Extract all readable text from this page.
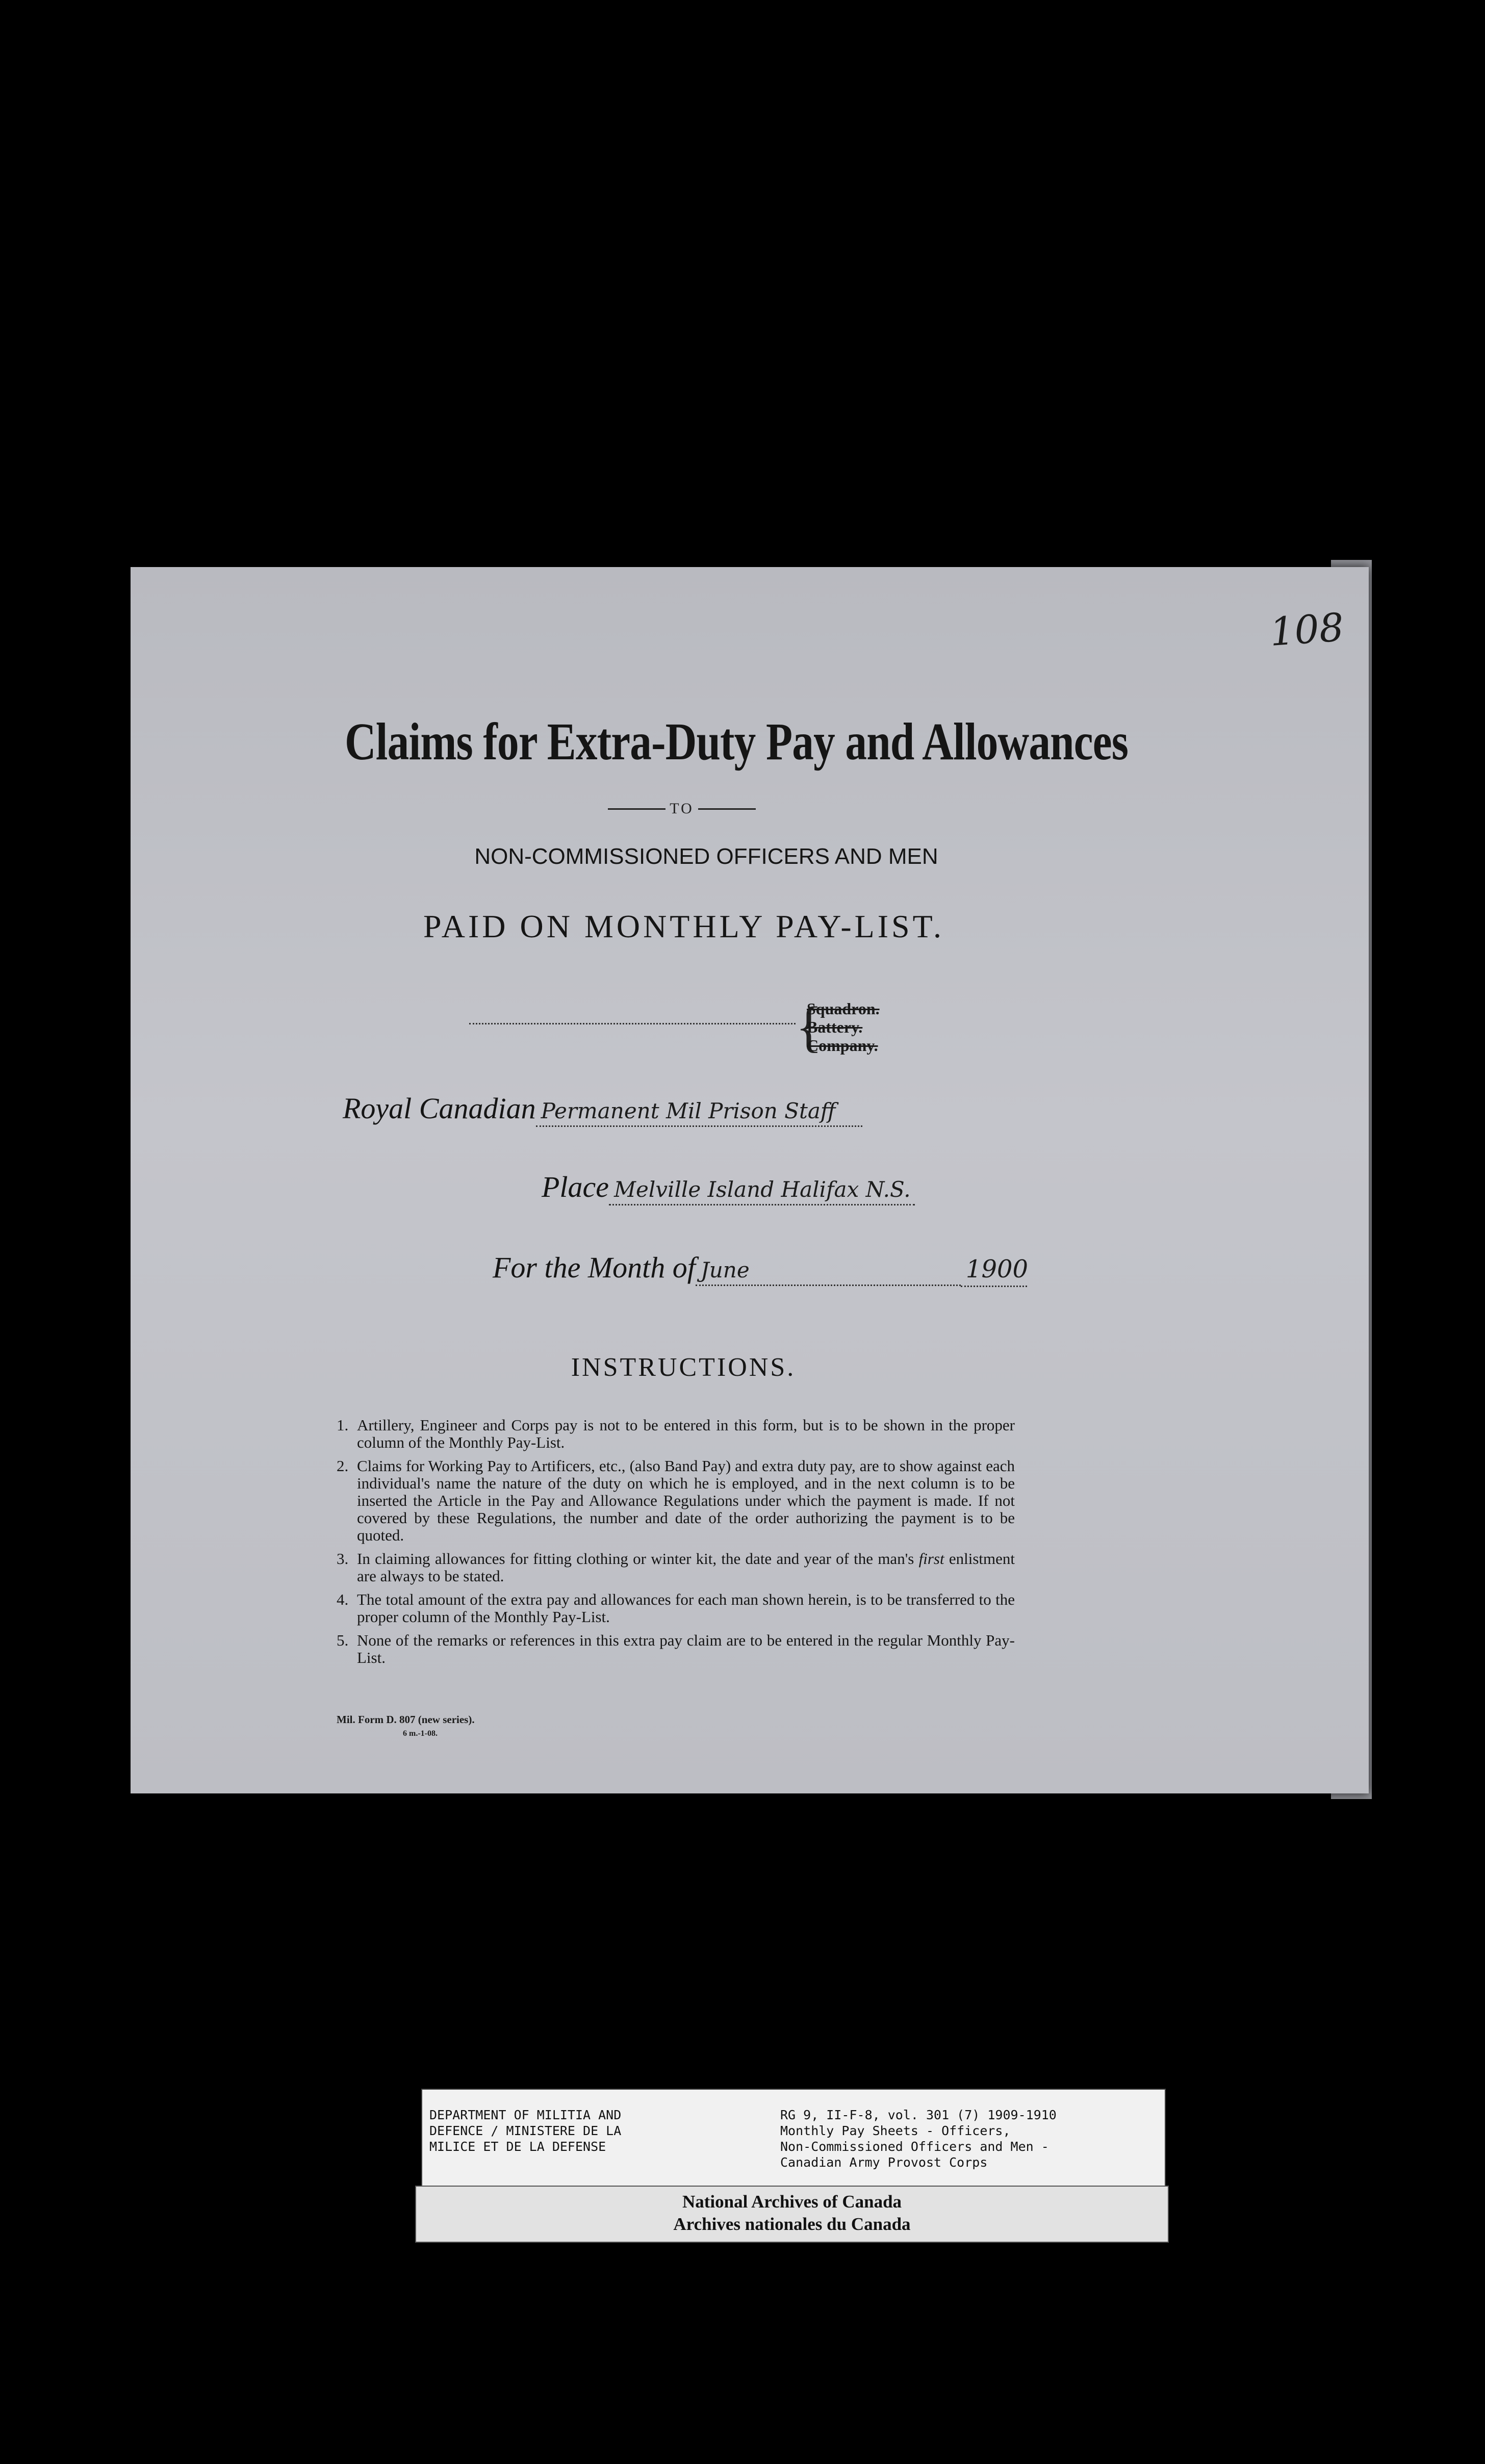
108
Claims for Extra-Duty Pay and Allowances
TO
NON-COMMISSIONED OFFICERS AND MEN
PAID ON MONTHLY PAY-LIST.
{
Squadron.
Battery.
Company.
Royal Canadian Permanent Mil Prison Staff
Place Melville Island Halifax N.S.
For the Month of June	1900
INSTRUCTIONS.
1. Artillery, Engineer and Corps pay is not to be entered in this form, but is to be shown in the proper column of the Monthly Pay-List.
2. Claims for Working Pay to Artificers, etc., (also Band Pay) and extra duty pay, are to show against each individual's name the nature of the duty on which he is employed, and in the next column is to be inserted the Article in the Pay and Allowance Regulations under which the payment is made. If not covered by these Regulations, the number and date of the order authorizing the payment is to be quoted.
3. In claiming allowances for fitting clothing or winter kit, the date and year of the man's first enlistment are always to be stated.
4. The total amount of the extra pay and allowances for each man shown herein, is to be transferred to the proper column of the Monthly Pay-List.
5. None of the remarks or references in this extra pay claim are to be entered in the regular Monthly Pay-List.
Mil. Form D. 807 (new series).
6 m.-1-08.
DEPARTMENT OF MILITIA AND
DEFENCE / MINISTERE DE LA
MILICE ET DE LA DEFENSE
RG 9, II-F-8, vol. 301 (7) 1909-1910
Monthly Pay Sheets - Officers,
Non-Commissioned Officers and Men -
Canadian Army Provost Corps
National Archives of Canada
Archives nationales du Canada
